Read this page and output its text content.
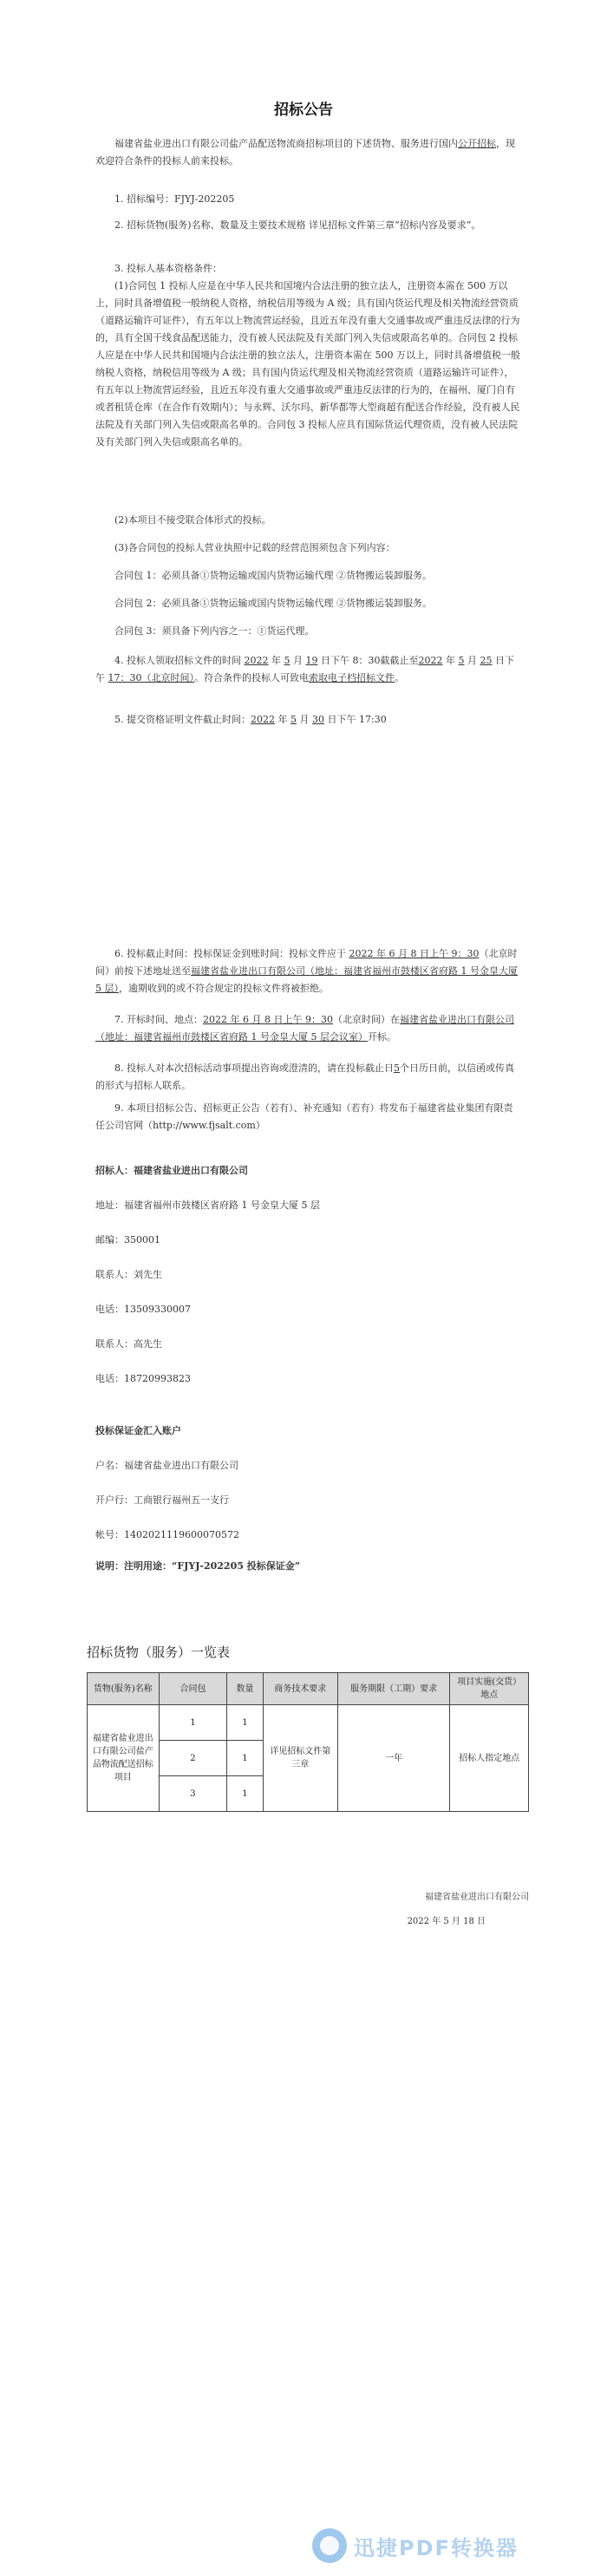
招标公告

福建省盐业进出口有限公司盐产品配送物流商招标项目的下述货物、服务进行国内公开招标，现欢迎符合条件的投标人前来投标。

1. 招标编号：FJYJ-202205

2. 招标货物(服务)名称、数量及主要技术规格 详见招标文件第三章“招标内容及要求”。

3. 投标人基本资格条件：

(1)合同包 1 投标人应是在中华人民共和国境内合法注册的独立法人，注册资本需在 500 万以上，同时具备增值税一般纳税人资格，纳税信用等级为 A 级；具有国内货运代理及相关物流经营资质（道路运输许可证件），有五年以上物流营运经验，且近五年没有重大交通事故或严重违反法律的行为的，具有全国干线食品配送能力，没有被人民法院及有关部门列入失信或限高名单的。合同包 2 投标人应是在中华人民共和国境内合法注册的独立法人，注册资本需在 500 万以上，同时具备增值税一般纳税人资格，纳税信用等级为 A 级；具有国内货运代理及相关物流经营资质（道路运输许可证件），有五年以上物流营运经验，且近五年没有重大交通事故或严重违反法律的行为的，在福州、厦门自有或者租赁仓库（在合作有效期内）；与永辉、沃尔玛、新华都等大型商超有配送合作经验，没有被人民法院及有关部门列入失信或限高名单的。合同包 3 投标人应具有国际货运代理资质，没有被人民法院及有关部门列入失信或限高名单的。

(2)本项目不接受联合体形式的投标。

(3)各合同包的投标人营业执照中记载的经营范围须包含下列内容：

合同包 1：必须具备①货物运输或国内货物运输代理 ②货物搬运装卸服务。

合同包 2：必须具备①货物运输或国内货物运输代理 ②货物搬运装卸服务。

合同包 3：须具备下列内容之一：①货运代理。

4. 投标人领取招标文件的时间 2022 年 5 月 19 日下午 8：30截截止至2022 年 5 月 25 日下午 17：30（北京时间）。符合条件的投标人可致电索取电子档招标文件。

5. 提交资格证明文件截止时间：2022 年 5 月 30 日下午 17:30

6. 投标截止时间：投标保证金到账时间：投标文件应于 2022 年 6 月 8 日上午 9：30（北京时间）前按下述地址送至福建省盐业进出口有限公司（地址：福建省福州市鼓楼区省府路 1 号金皇大厦 5 层），逾期收到的或不符合规定的投标文件将被拒绝。

7. 开标时间、地点：2022 年 6 月 8 日上午 9：30（北京时间）在福建省盐业进出口有限公司（地址：福建省福州市鼓楼区省府路 1 号金皇大厦 5 层会议室）开标。

8. 投标人对本次招标活动事项提出咨询或澄清的，请在投标截止日5个日历日前，以信函或传真的形式与招标人联系。

9. 本项目招标公告、招标更正公告（若有）、补充通知（若有）将发布于福建省盐业集团有限责任公司官网（http://www.fjsalt.com）

招标人：福建省盐业进出口有限公司

地址：福建省福州市鼓楼区省府路 1 号金皇大厦 5 层

邮编：350001

联系人：刘先生

电话：13509330007

联系人：高先生

电话：18720993823

投标保证金汇入账户

户名：福建省盐业进出口有限公司

开户行：工商银行福州五一支行

帐号：1402021119600070572

说明：注明用途：“FJYJ-202205 投标保证金”

招标货物（服务）一览表
货物(服务)名称	合同包	数量	商务技术要求	服务期限（工期）要求	项目实施(交货）地点
福建省盐业进出口有限公司盐产品物流配送招标项目	1	1	详见招标文件第三章	一年	招标人指定地点
	2	1			
	3	1			
福建省盐业进出口有限公司
2022 年 5 月 18 日
迅捷PDF转换器
